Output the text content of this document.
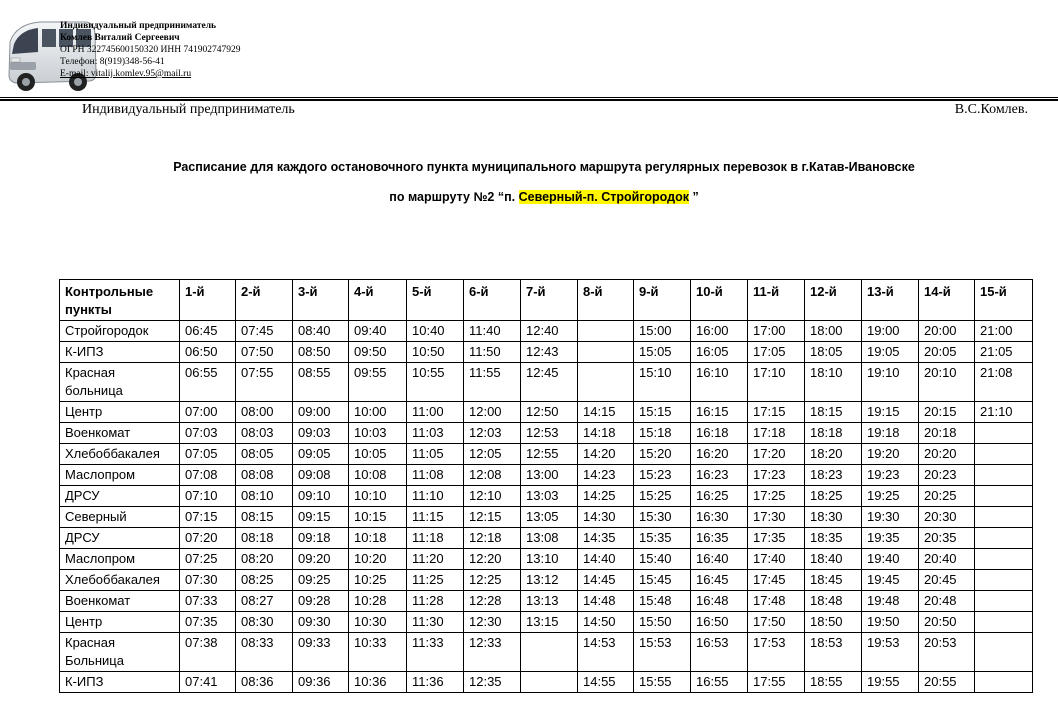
Индивидуальный предприниматель
Комлев Виталий Сергеевич
ОГРН 322745600150320 ИНН 741902747929
Телефон: 8(919)348-56-41
E-mail: vitalij.komlev.95@mail.ru
Индивидуальный предприниматель	В.С.Комлев.
Расписание для каждого остановочного пункта муниципального маршрута регулярных перевозок в г.Катав-Ивановске
по маршруту №2 “п. Северный-п. Стройгородок ”
Контрольные пункты	1-й	2-й	3-й	4-й	5-й	6-й	7-й	8-й	9-й	10-й	11-й	12-й	13-й	14-й	15-й
Стройгородок	06:45	07:45	08:40	09:40	10:40	11:40	12:40		15:00	16:00	17:00	18:00	19:00	20:00	21:00
К-ИПЗ	06:50	07:50	08:50	09:50	10:50	11:50	12:43		15:05	16:05	17:05	18:05	19:05	20:05	21:05
Красная больница	06:55	07:55	08:55	09:55	10:55	11:55	12:45		15:10	16:10	17:10	18:10	19:10	20:10	21:08
Центр	07:00	08:00	09:00	10:00	11:00	12:00	12:50	14:15	15:15	16:15	17:15	18:15	19:15	20:15	21:10
Военкомат	07:03	08:03	09:03	10:03	11:03	12:03	12:53	14:18	15:18	16:18	17:18	18:18	19:18	20:18	
Хлебоббакалея	07:05	08:05	09:05	10:05	11:05	12:05	12:55	14:20	15:20	16:20	17:20	18:20	19:20	20:20	
Маслопром	07:08	08:08	09:08	10:08	11:08	12:08	13:00	14:23	15:23	16:23	17:23	18:23	19:23	20:23	
ДРСУ	07:10	08:10	09:10	10:10	11:10	12:10	13:03	14:25	15:25	16:25	17:25	18:25	19:25	20:25	
Северный	07:15	08:15	09:15	10:15	11:15	12:15	13:05	14:30	15:30	16:30	17:30	18:30	19:30	20:30	
ДРСУ	07:20	08:18	09:18	10:18	11:18	12:18	13:08	14:35	15:35	16:35	17:35	18:35	19:35	20:35	
Маслопром	07:25	08:20	09:20	10:20	11:20	12:20	13:10	14:40	15:40	16:40	17:40	18:40	19:40	20:40	
Хлебоббакалея	07:30	08:25	09:25	10:25	11:25	12:25	13:12	14:45	15:45	16:45	17:45	18:45	19:45	20:45	
Военкомат	07:33	08:27	09:28	10:28	11:28	12:28	13:13	14:48	15:48	16:48	17:48	18:48	19:48	20:48	
Центр	07:35	08:30	09:30	10:30	11:30	12:30	13:15	14:50	15:50	16:50	17:50	18:50	19:50	20:50	
Красная Больница	07:38	08:33	09:33	10:33	11:33	12:33		14:53	15:53	16:53	17:53	18:53	19:53	20:53	
К-ИПЗ	07:41	08:36	09:36	10:36	11:36	12:35		14:55	15:55	16:55	17:55	18:55	19:55	20:55	
